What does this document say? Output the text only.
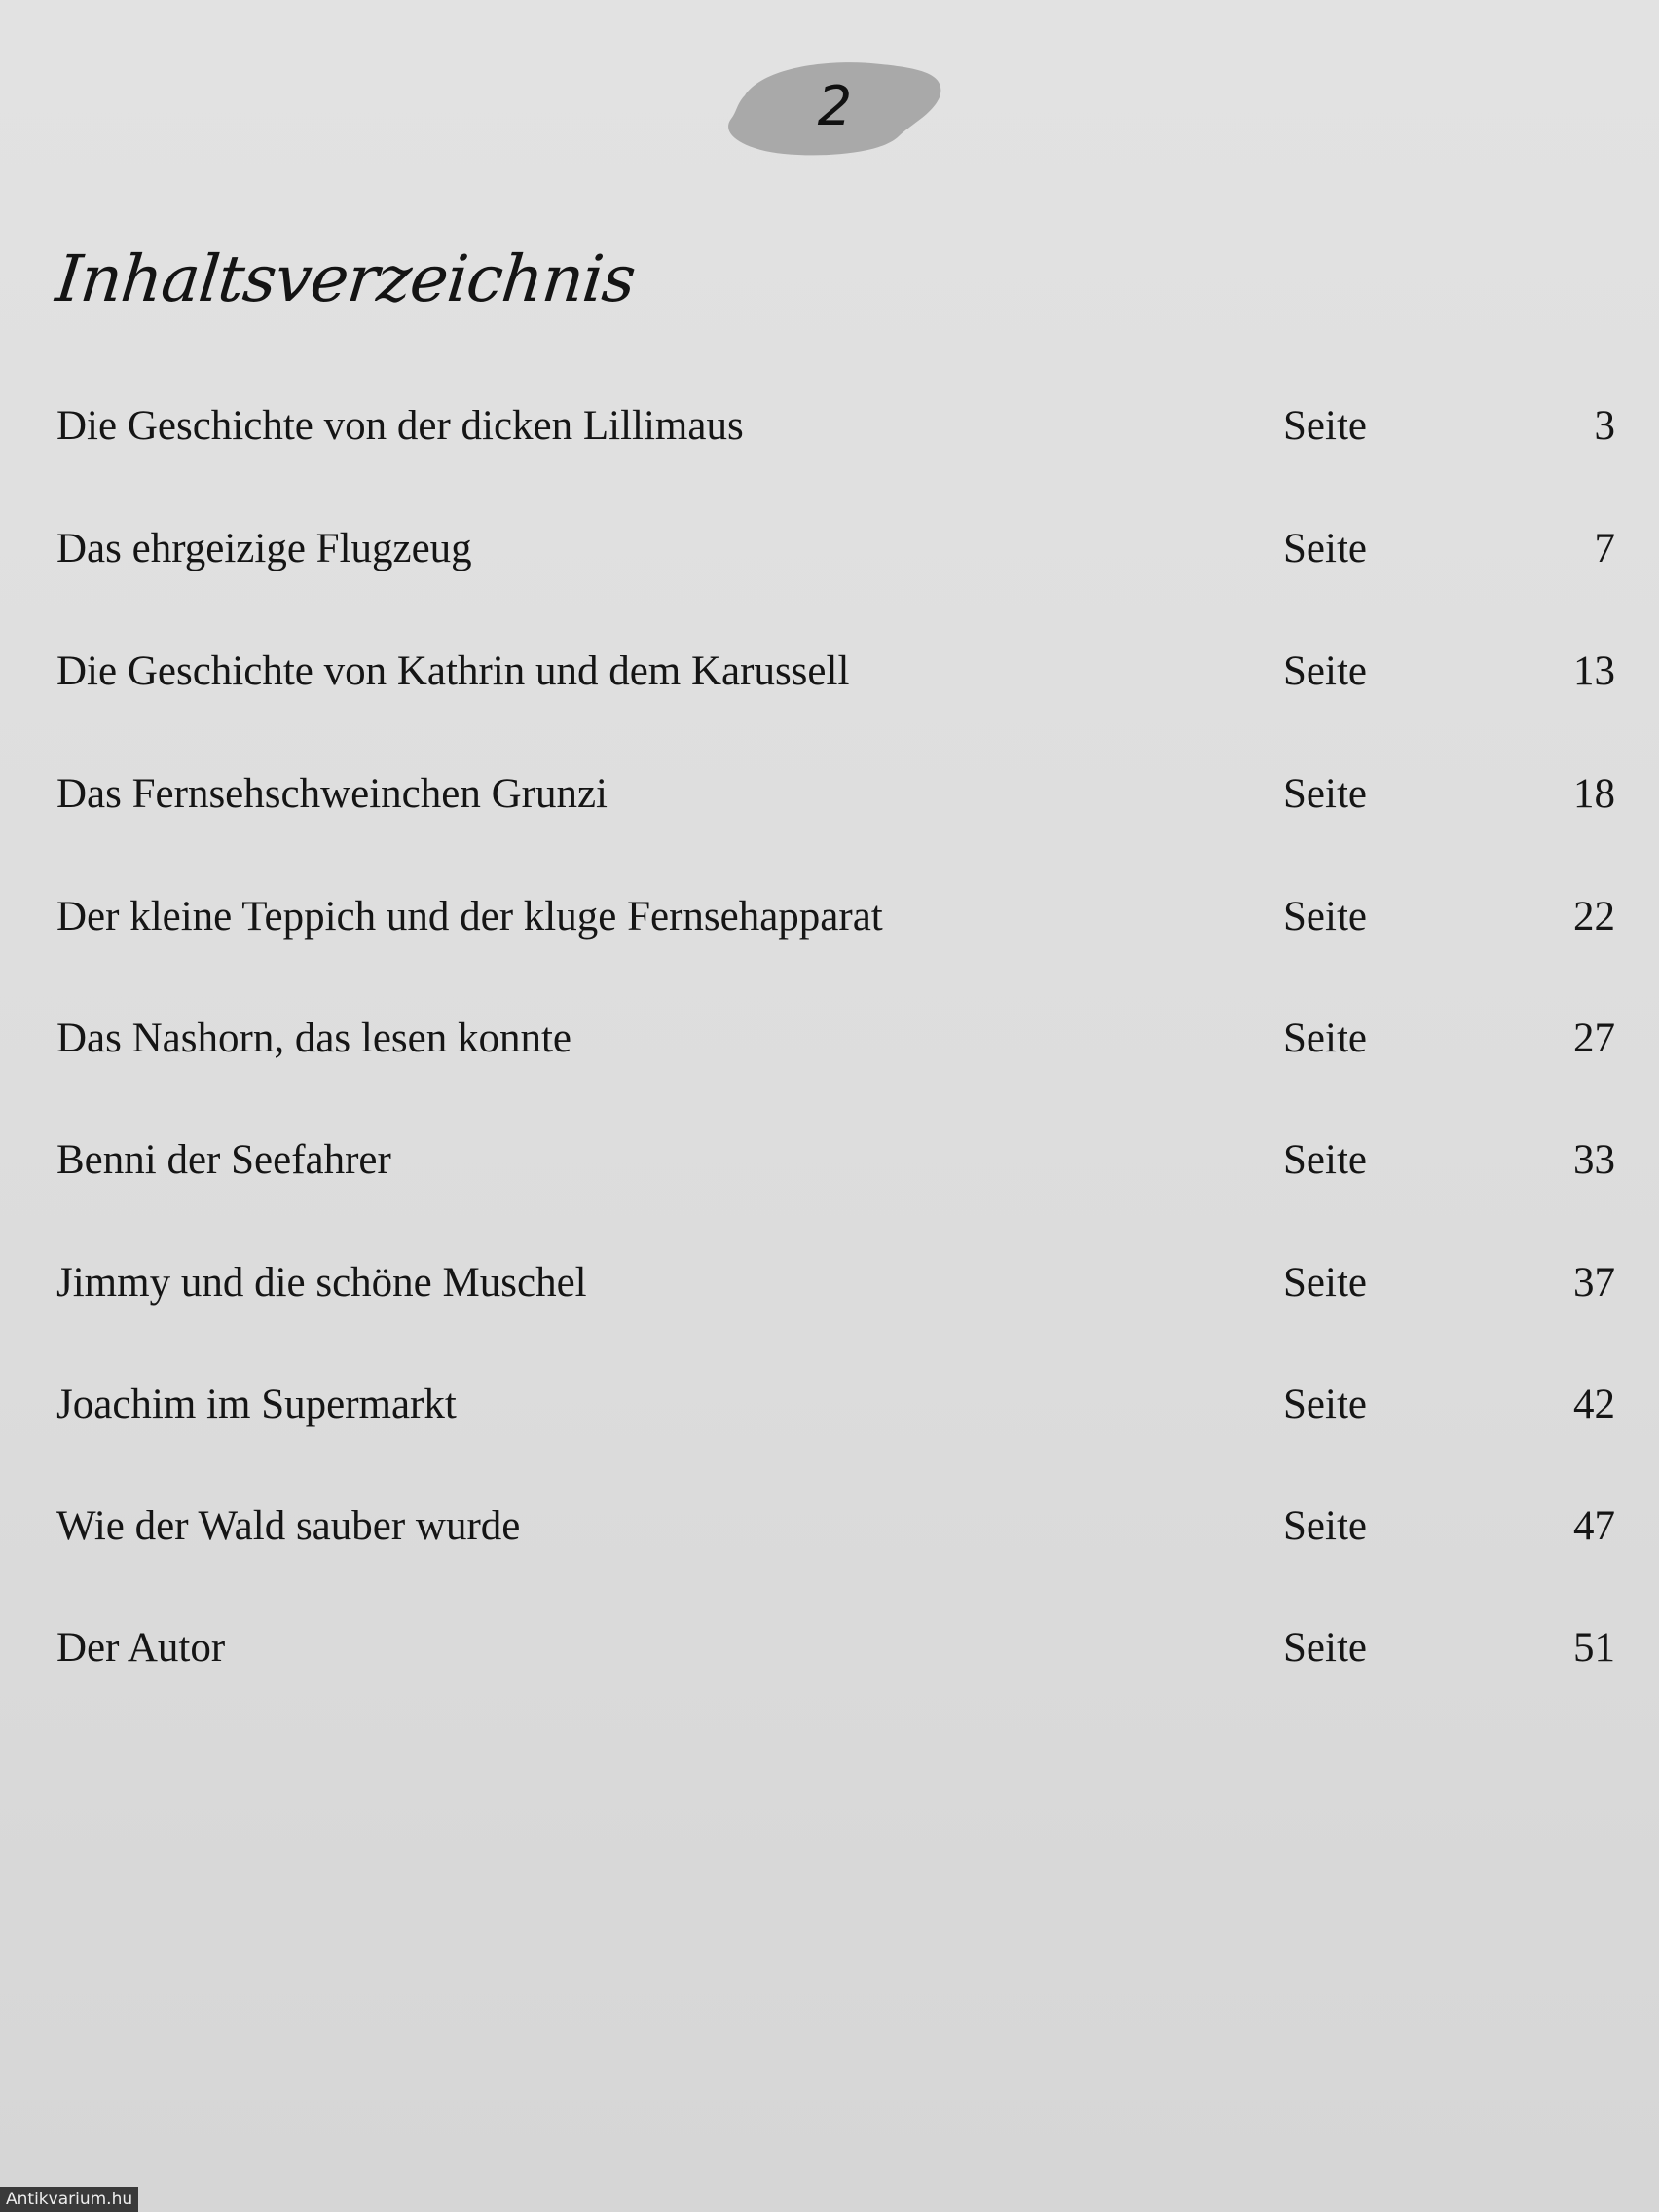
2
Inhaltsverzeichnis
Die Geschichte von der dicken Lillimaus	Seite	3
Das ehrgeizige Flugzeug	Seite	7
Die Geschichte von Kathrin und dem Karussell	Seite	13
Das Fernsehschweinchen Grunzi	Seite	18
Der kleine Teppich und der kluge Fernsehapparat	Seite	22
Das Nashorn, das lesen konnte	Seite	27
Benni der Seefahrer	Seite	33
Jimmy und die schöne Muschel	Seite	37
Joachim im Supermarkt	Seite	42
Wie der Wald sauber wurde	Seite	47
Der Autor	Seite	51
Antikvarium.hu
